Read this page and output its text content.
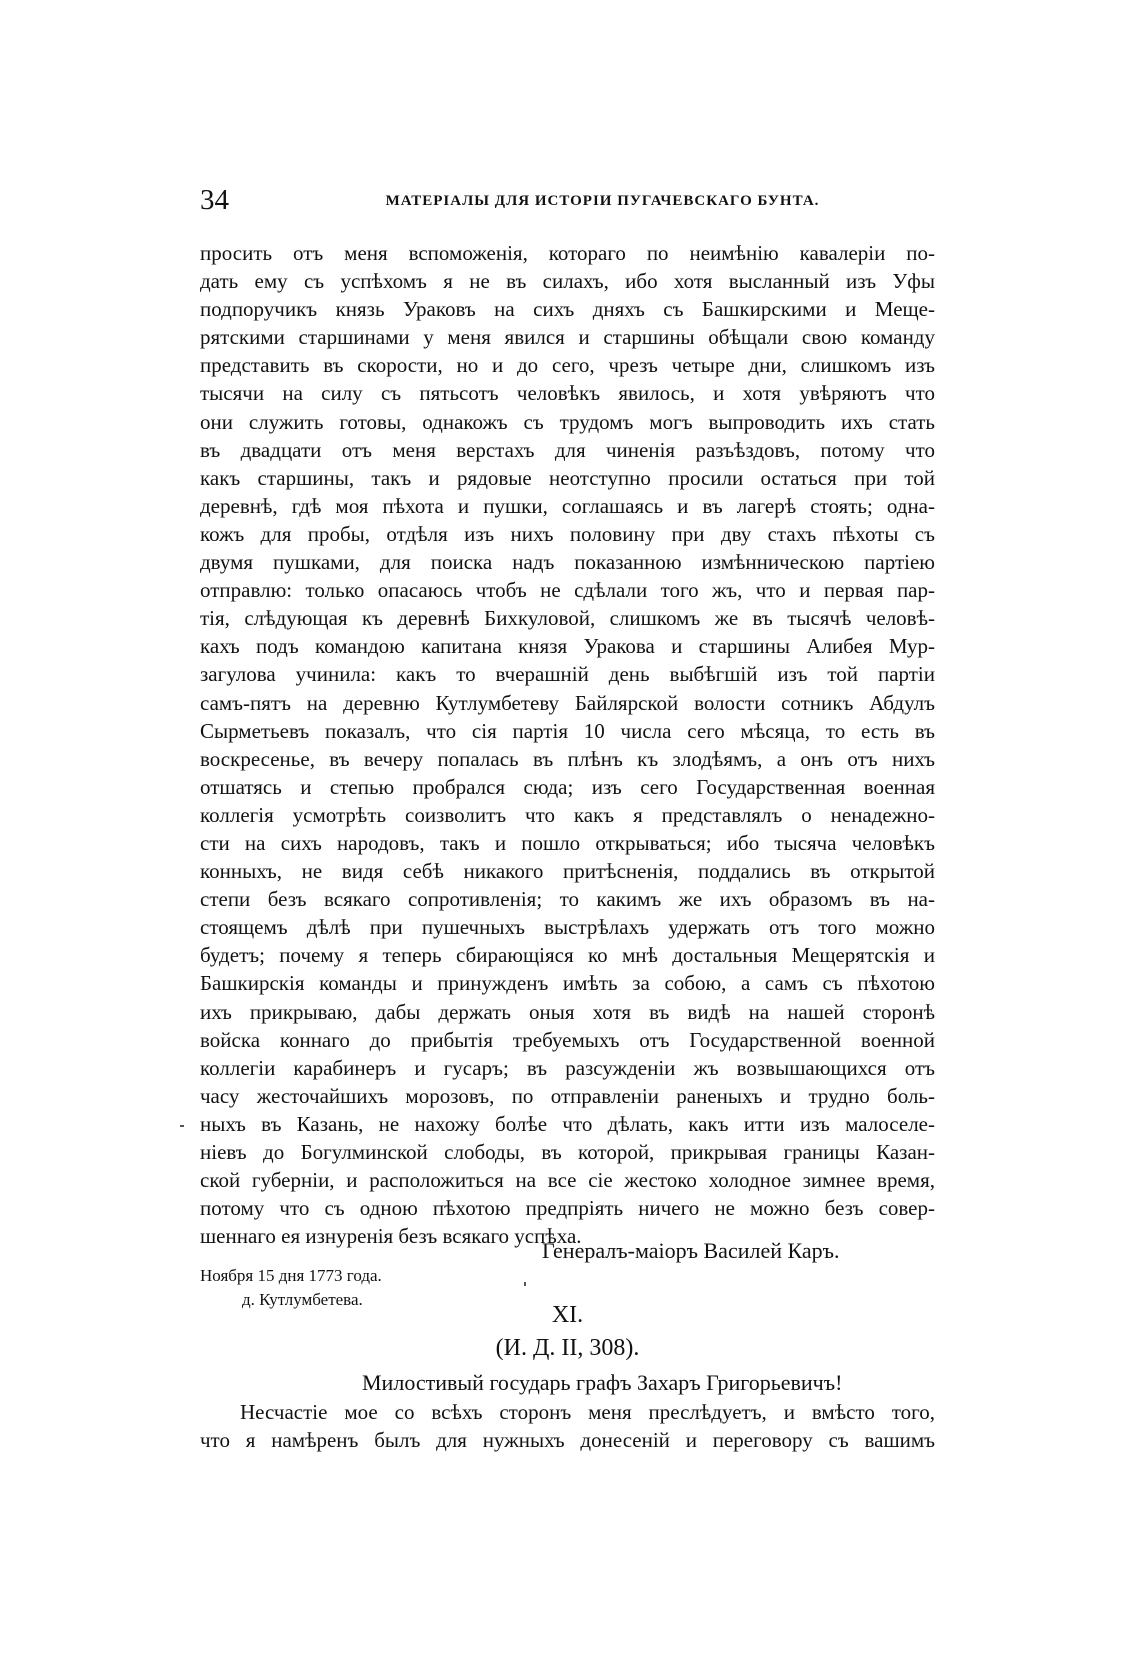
34	МАТЕРІАЛЫ ДЛЯ ИСТОРІИ ПУГАЧЕВСКАГО БУНТА.
просить отъ меня вспоможенія, котораго по неимѣнію кавалеріи по-
дать ему съ успѣхомъ я не въ силахъ, ибо хотя высланный изъ Уфы
подпоручикъ князь Ураковъ на сихъ дняхъ съ Башкирскими и Меще-
рятскими старшинами у меня явился и старшины обѣщали свою команду
представить въ скорости, но и до сего, чрезъ четыре дни, слишкомъ изъ
тысячи на силу съ пятьсотъ человѣкъ явилось, и хотя увѣряютъ что
они служить готовы, однакожъ съ трудомъ могъ выпроводить ихъ стать
въ двадцати отъ меня верстахъ для чиненія разъѣздовъ, потому что
какъ старшины, такъ и рядовые неотступно просили остаться при той
деревнѣ, гдѣ моя пѣхота и пушки, соглашаясь и въ лагерѣ стоять; одна-
кожъ для пробы, отдѣля изъ нихъ половину при дву стахъ пѣхоты съ
двумя пушками, для поиска надъ показанною измѣнническою партіею
отправлю: только опасаюсь чтобъ не сдѣлали того жъ, что и первая пар-
тія, слѣдующая къ деревнѣ Бихкуловой, слишкомъ же въ тысячѣ человѣ-
кахъ подъ командою капитана князя Уракова и старшины Алибея Мур-
загулова учинила: какъ то вчерашній день выбѣгшій изъ той партіи
самъ-пятъ на деревню Кутлумбетеву Байлярской волости сотникъ Абдулъ
Сырметьевъ показалъ, что сія партія 10 числа сего мѣсяца, то есть въ
воскресенье, въ вечеру попалась въ плѣнъ къ злодѣямъ, а онъ отъ нихъ
отшатясь и степью пробрался сюда; изъ сего Государственная военная
коллегія усмотрѣть соизволитъ что какъ я представлялъ о ненадежно-
сти на сихъ народовъ, такъ и пошло открываться; ибо тысяча человѣкъ
конныхъ, не видя себѣ никакого притѣсненія, поддались въ открытой
степи безъ всякаго сопротивленія; то какимъ же ихъ образомъ въ на-
стоящемъ дѣлѣ при пушечныхъ выстрѣлахъ удержать отъ того можно
будетъ; почему я теперь сбирающіяся ко мнѣ достальныя Мещерятскія и
Башкирскія команды и принужденъ имѣть за собою, а самъ съ пѣхотою
ихъ прикрываю, дабы держать оныя хотя въ видѣ на нашей сторонѣ
войска коннаго до прибытія требуемыхъ отъ Государственной военной
коллегіи карабинеръ и гусаръ; въ разсужденіи жъ возвышающихся отъ
часу жесточайшихъ морозовъ, по отправленіи раненыхъ и трудно боль-
ныхъ въ Казань, не нахожу болѣе что дѣлать, какъ итти изъ малоселе-
ніевъ до Богулминской слободы, въ которой, прикрывая границы Казан-
ской губерніи, и расположиться на все сіе жестоко холодное зимнее время,
потому что съ одною пѣхотою предпріять ничего не можно безъ совер-
шеннаго ея изнуренія безъ всякаго успѣха.
Генералъ-маіоръ Василей Каръ.
Ноября 15 дня 1773 года.
д. Кутлумбетева.
XI.
(И. Д. II, 308).
Милостивый государь графъ Захаръ Григорьевичъ!
Несчастіе мое со всѣхъ сторонъ меня преслѣдуетъ, и вмѣсто того,
что я намѣренъ былъ для нужныхъ донесеній и переговору съ вашимъ
